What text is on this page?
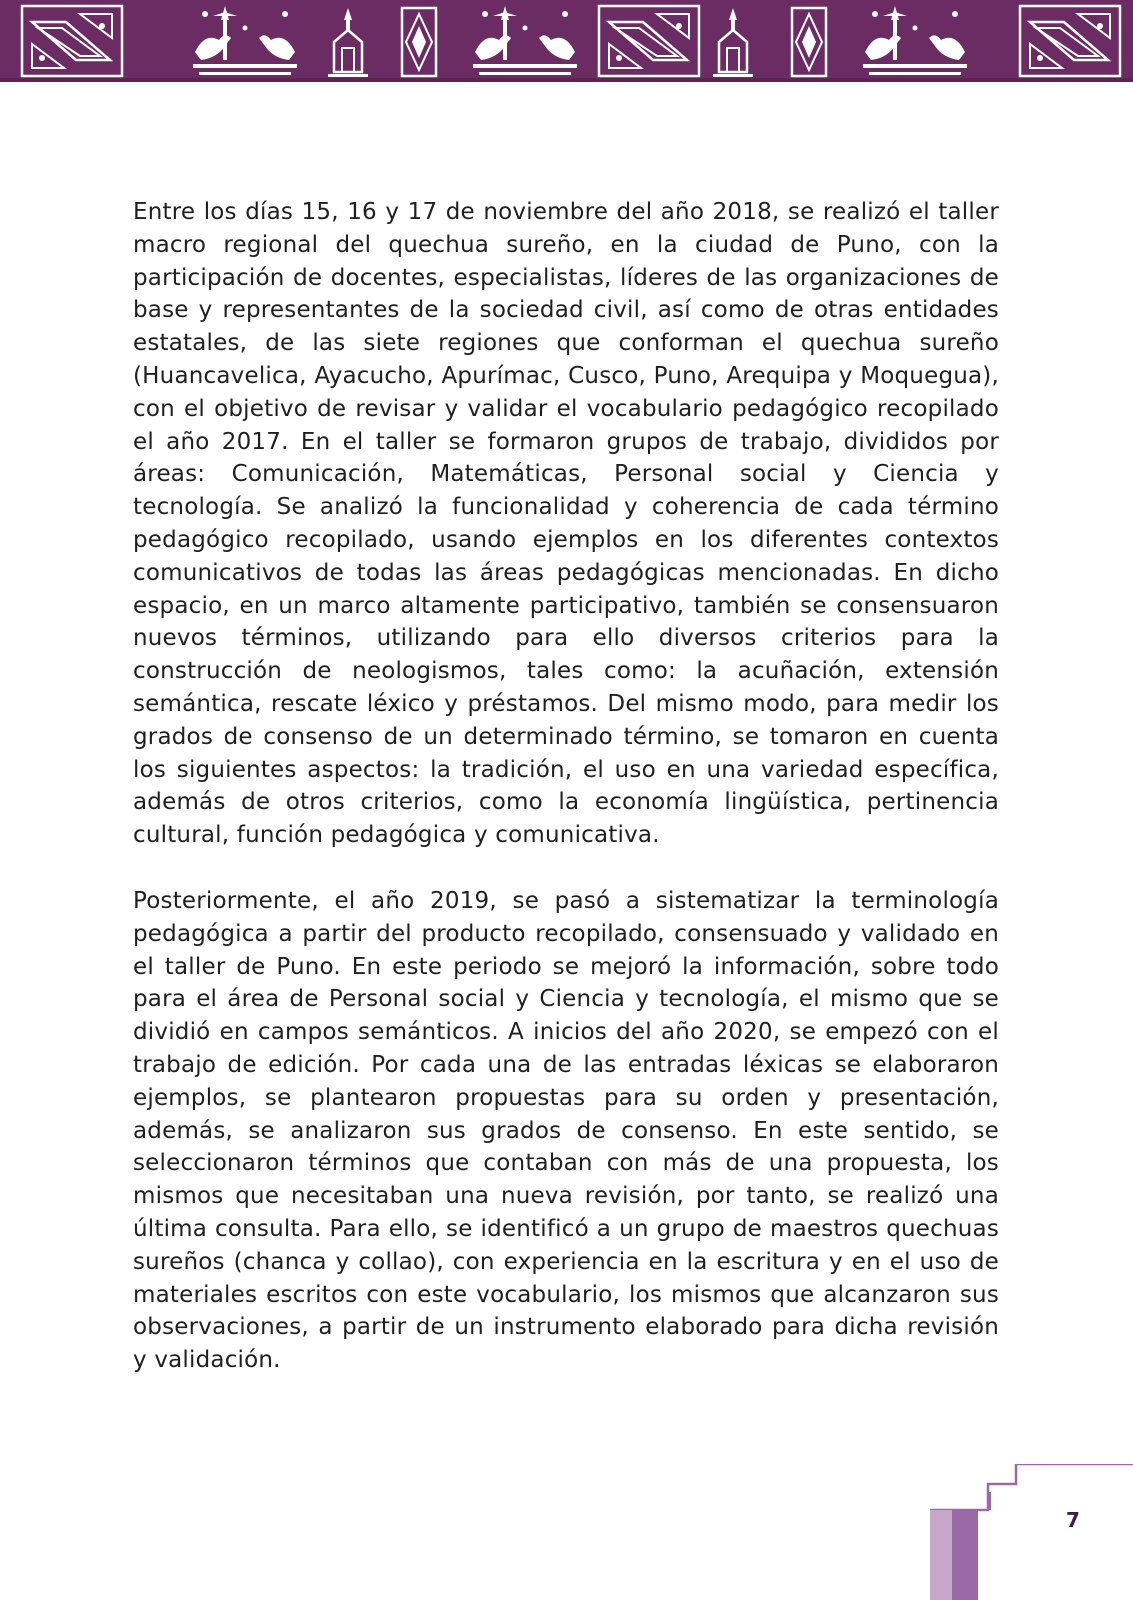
Entre los días 15, 16 y 17 de noviembre del año 2018, se realizó el taller macro regional del quechua sureño, en la ciudad de Puno, con la participación de docentes, especialistas, líderes de las organizaciones de base y representantes de la sociedad civil, así como de otras entidades estatales, de las siete regiones que conforman el quechua sureño (Huancavelica, Ayacucho, Apurímac, Cusco, Puno, Arequipa y Moquegua), con el objetivo de revisar y validar el vocabulario pedagógico recopilado el año 2017. En el taller se formaron grupos de trabajo, divididos por áreas: Comunicación, Matemáticas, Personal social y Ciencia y tecnología. Se analizó la funcionalidad y coherencia de cada término pedagógico recopilado, usando ejemplos en los diferentes contextos comunicativos de todas las áreas pedagógicas mencionadas. En dicho espacio, en un marco altamente participativo, también se consensuaron nuevos términos, utilizando para ello diversos criterios para la construcción de neologismos, tales como: la acuñación, extensión semántica, rescate léxico y préstamos. Del mismo modo, para medir los grados de consenso de un determinado término, se tomaron en cuenta los siguientes aspectos: la tradición, el uso en una variedad específica, además de otros criterios, como la economía lingüística, pertinencia cultural, función pedagógica y comunicativa.

Posteriormente, el año 2019, se pasó a sistematizar la terminología pedagógica a partir del producto recopilado, consensuado y validado en el taller de Puno. En este periodo se mejoró la información, sobre todo para el área de Personal social y Ciencia y tecnología, el mismo que se dividió en campos semánticos. A inicios del año 2020, se empezó con el trabajo de edición. Por cada una de las entradas léxicas se elaboraron ejemplos, se plantearon propuestas para su orden y presentación, además, se analizaron sus grados de consenso. En este sentido, se seleccionaron términos que contaban con más de una propuesta, los mismos que necesitaban una nueva revisión, por tanto, se realizó una última consulta. Para ello, se identificó a un grupo de maestros quechuas sureños (chanca y collao), con experiencia en la escritura y en el uso de materiales escritos con este vocabulario, los mismos que alcanzaron sus observaciones, a partir de un instrumento elaborado para dicha revisión y validación.

7
